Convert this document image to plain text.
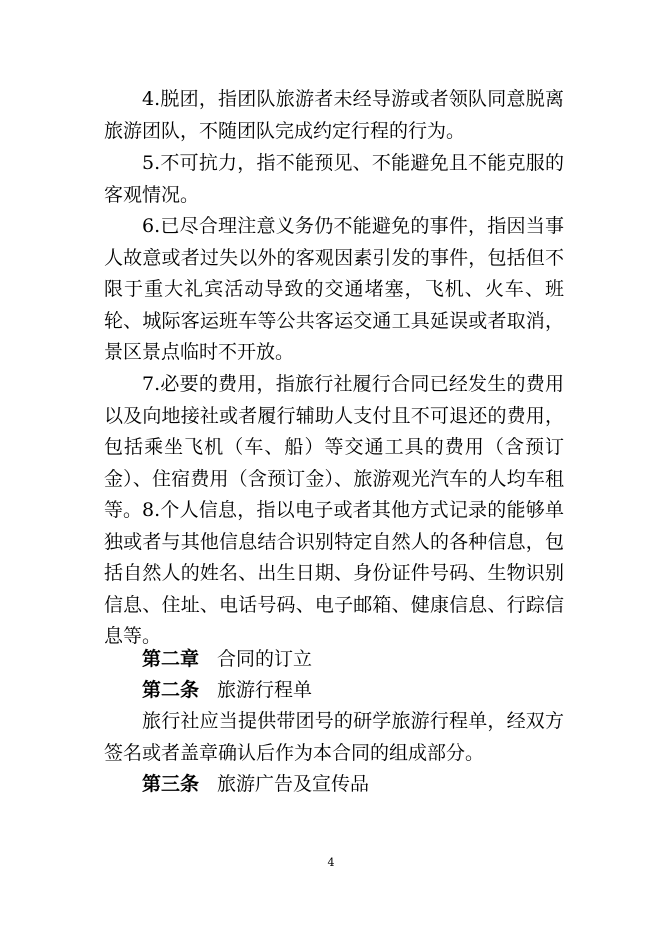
4.脱团，指团队旅游者未经导游或者领队同意脱离旅游团队，不随团队完成约定行程的行为。

5.不可抗力，指不能预见、不能避免且不能克服的客观情况。

6.已尽合理注意义务仍不能避免的事件，指因当事人故意或者过失以外的客观因素引发的事件，包括但不限于重大礼宾活动导致的交通堵塞，飞机、火车、班轮、城际客运班车等公共客运交通工具延误或者取消，景区景点临时不开放。

7.必要的费用，指旅行社履行合同已经发生的费用以及向地接社或者履行辅助人支付且不可退还的费用，包括乘坐飞机（车、船）等交通工具的费用（含预订金）、住宿费用（含预订金）、旅游观光汽车的人均车租等。 8.个人信息，指以电子或者其他方式记录的能够单独或者与其他信息结合识别特定自然人的各种信息，包括自然人的姓名、出生日期、身份证件号码、生物识别信息、住址、电话号码、电子邮箱、健康信息、行踪信息等。

第二章 合同的订立
第二条 旅游行程单

旅行社应当提供带团号的研学旅游行程单，经双方签名或者盖章确认后作为本合同的组成部分。

第三条 旅游广告及宣传品
4
